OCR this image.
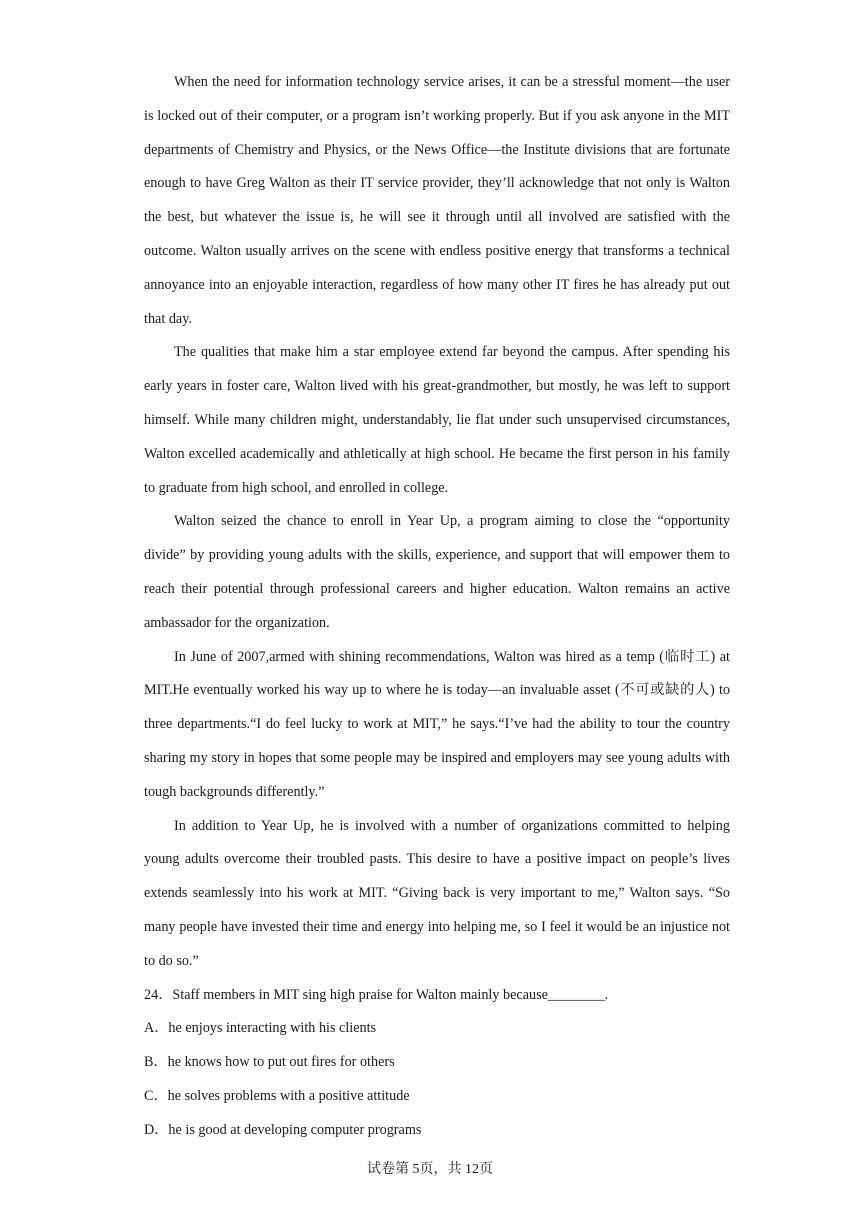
When the need for information technology service arises, it can be a stressful moment—the user is locked out of their computer, or a program isn’t working properly. But if you ask anyone in the MIT departments of Chemistry and Physics, or the News Office—the Institute divisions that are fortunate enough to have Greg Walton as their IT service provider, they’ll acknowledge that not only is Walton the best, but whatever the issue is, he will see it through until all involved are satisfied with the outcome. Walton usually arrives on the scene with endless positive energy that transforms a technical annoyance into an enjoyable interaction, regardless of how many other IT fires he has already put out that day.

The qualities that make him a star employee extend far beyond the campus. After spending his early years in foster care, Walton lived with his great-grandmother, but mostly, he was left to support himself. While many children might, understandably, lie flat under such unsupervised circumstances, Walton excelled academically and athletically at high school. He became the first person in his family to graduate from high school, and enrolled in college.

Walton seized the chance to enroll in Year Up, a program aiming to close the “opportunity divide” by providing young adults with the skills, experience, and support that will empower them to reach their potential through professional careers and higher education. Walton remains an active ambassador for the organization.

In June of 2007,armed with shining recommendations, Walton was hired as a temp (临时工) at MIT.He eventually worked his way up to where he is today—an invaluable asset (不可或缺的人) to three departments.“I do feel lucky to work at MIT,” he says.“I’ve had the ability to tour the country sharing my story in hopes that some people may be inspired and employers may see young adults with tough backgrounds differently.”

In addition to Year Up, he is involved with a number of organizations committed to helping young adults overcome their troubled pasts. This desire to have a positive impact on people’s lives extends seamlessly into his work at MIT. “Giving back is very important to me,” Walton says. “So many people have invested their time and energy into helping me, so I feel it would be an injustice not to do so.”

24．Staff members in MIT sing high praise for Walton mainly because________.

A．he enjoys interacting with his clients

B．he knows how to put out fires for others

C．he solves problems with a positive attitude

D．he is good at developing computer programs

试卷第 5页，共 12页
